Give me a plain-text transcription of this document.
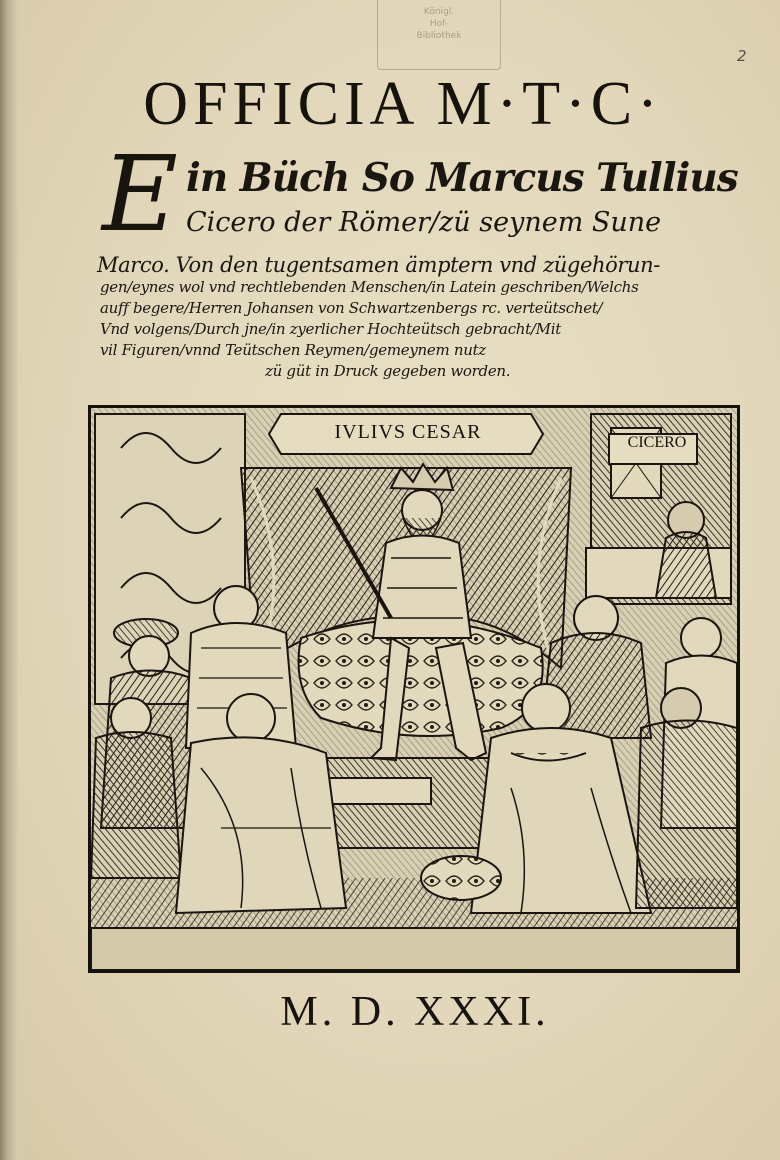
Königl.
Hof-
Bibliothek
2
OFFICIA M·T·C·
E in Büch So Marcus Tullius
Cicero der Römer/zü seynem Sune
Marco. Von den tugentsamen ämptern vnd zügehörun-
gen/eynes wol vnd rechtlebenden Menschen/in Latein geschriben/Welchs
auff begere/Herren Johansen von Schwartzenbergs rc. verteütschet/
Vnd volgens/Durch jne/in zyerlicher Hochteütsch gebracht/Mit
vil Figuren/vnnd Teütschen Reymen/gemeynem nutz
zü güt in Druck gegeben worden.
IVLIVS CESAR	CICERO
M. D. XXXI.
